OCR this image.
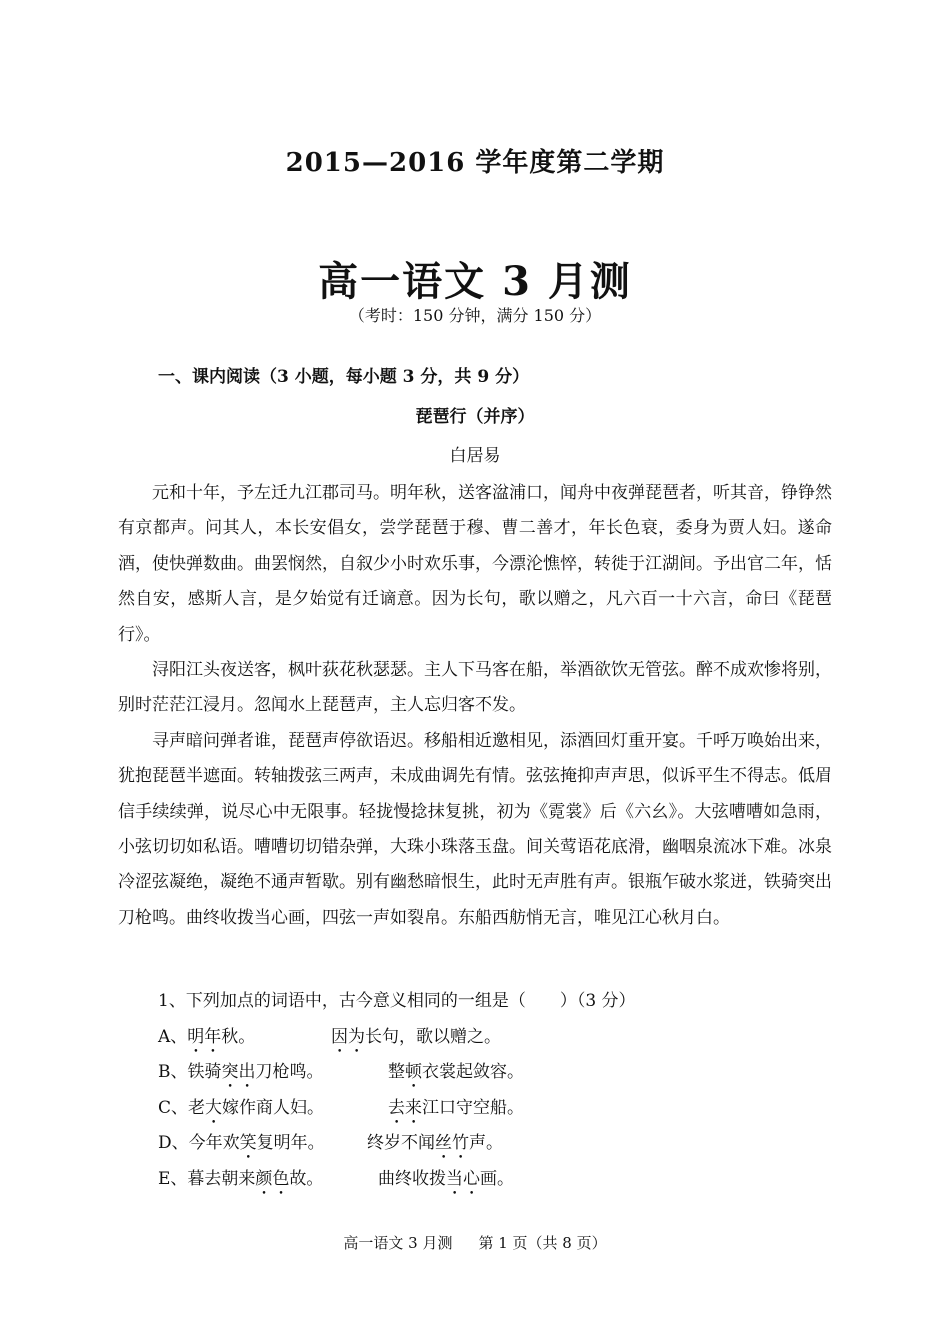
2015—2016 学年度第二学期
高一语文 3 月测
（考时：150 分钟，满分 150 分）
一、课内阅读（3 小题，每小题 3 分，共 9 分）
琵琶行（并序）
白居易

元和十年，予左迁九江郡司马。明年秋，送客湓浦口，闻舟中夜弹琵琶者，听其音，铮铮然有京都声。问其人，本长安倡女，尝学琵琶于穆、曹二善才，年长色衰，委身为贾人妇。遂命酒，使快弹数曲。曲罢悯然，自叙少小时欢乐事，今漂沦憔悴，转徙于江湖间。予出官二年，恬然自安，感斯人言，是夕始觉有迁谪意。因为长句，歌以赠之，凡六百一十六言，命曰《琵琶行》。

浔阳江头夜送客，枫叶荻花秋瑟瑟。主人下马客在船，举酒欲饮无管弦。醉不成欢惨将别，别时茫茫江浸月。忽闻水上琵琶声，主人忘归客不发。

寻声暗问弹者谁，琵琶声停欲语迟。移船相近邀相见，添酒回灯重开宴。千呼万唤始出来，犹抱琵琶半遮面。转轴拨弦三两声，未成曲调先有情。弦弦掩抑声声思，似诉平生不得志。低眉信手续续弹，说尽心中无限事。轻拢慢捻抹复挑，初为《霓裳》后《六幺》。大弦嘈嘈如急雨，小弦切切如私语。嘈嘈切切错杂弹，大珠小珠落玉盘。间关莺语花底滑，幽咽泉流冰下难。冰泉冷涩弦凝绝，凝绝不通声暂歇。别有幽愁暗恨生，此时无声胜有声。银瓶乍破水浆迸，铁骑突出刀枪鸣。曲终收拨当心画，四弦一声如裂帛。东船西舫悄无言，唯见江心秋月白。

1、下列加点的词语中，古今意义相同的一组是（　　）（3 分）
A、明年秋。	因为长句，歌以赠之。
B、铁骑突出刀枪鸣。	整顿衣裳起敛容。
C、老大嫁作商人妇。	去来江口守空船。
D、今年欢笑复明年。 终岁不闻丝竹声。
E、暮去朝来颜色故。	曲终收拨当心画。
高一语文 3 月测 第 1 页（共 8 页）
